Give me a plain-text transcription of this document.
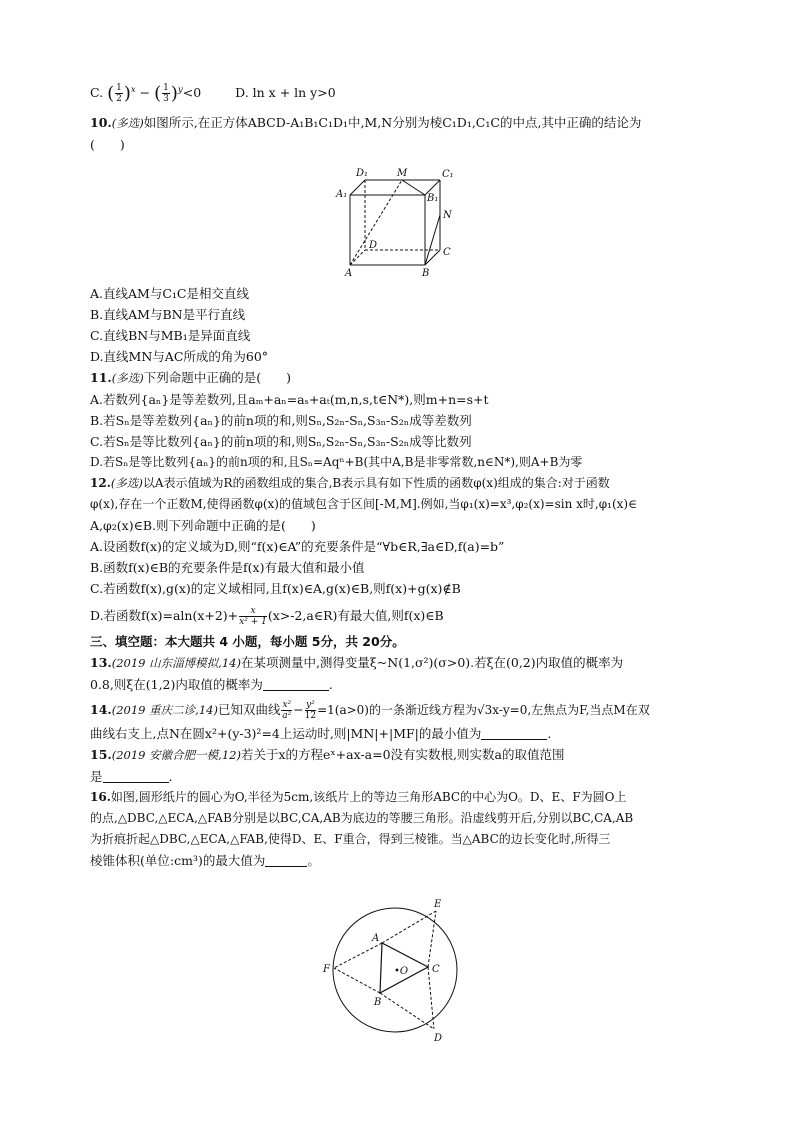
C. ( $\frac{1}{2} )^x$ − ( $\frac{1}{3} )^y<0$	D. ln x + ln y>0
10.(多选)如图所示,在正方体ABCD-A₁B₁C₁D₁中,M,N分别为棱C₁D₁,C₁C的中点,其中正确的结论为
(　　)
A.直线AM与C₁C是相交直线
B.直线AM与BN是平行直线
C.直线BN与MB₁是异面直线
D.直线MN与AC所成的角为60°
11.(多选)下列命题中正确的是(　　)
A.若数列{aₙ}是等差数列,且aₘ+aₙ=aₛ+aₜ(m,n,s,t∈N*),则m+n=s+t
B.若Sₙ是等差数列{aₙ}的前n项的和,则Sₙ,S₂ₙ-Sₙ,S₃ₙ-S₂ₙ成等差数列
C.若Sₙ是等比数列{aₙ}的前n项的和,则Sₙ,S₂ₙ-Sₙ,S₃ₙ-S₂ₙ成等比数列
D.若Sₙ是等比数列{aₙ}的前n项的和,且Sₙ=Aqⁿ+B(其中A,B是非零常数,n∈N*),则A+B为零
12.(多选)以A表示值域为R的函数组成的集合,B表示具有如下性质的函数φ(x)组成的集合:对于函数
φ(x),存在一个正数M,使得函数φ(x)的值域包含于区间[-M,M].例如,当φ₁(x)=x³,φ₂(x)=sin x时,φ₁(x)∈
A,φ₂(x)∈B.则下列命题中正确的是(　　)
A.设函数f(x)的定义域为D,则“f(x)∈A”的充要条件是“∀b∈R,∃a∈D,f(a)=b”
B.函数f(x)∈B的充要条件是f(x)有最大值和最小值
C.若函数f(x),g(x)的定义域相同,且f(x)∈A,g(x)∈B,则f(x)+g(x)∉B
D.若函数$f(x)=aln(x+2)+ \frac{x}{\text{x² + 1}}$ (x>-2,a∈R)有最大值,则f(x)∈B
三、填空题：本大题共 4 小题，每小题 5分，共 20分。
13.(2019 山东淄博模拟,14)在某项测量中,测得变量ξ~N(1,σ²)(σ>0).若ξ在(0,2)内取值的概率为
0.8,则ξ在(1,2)内取值的概率为	.
14.(2019 重庆二诊,14)已知双曲线 $\frac{\text{x²}}{\text{a²}} - \frac{\text{y²}}{12} =1(a>0)$的一条渐近线方程为√3x-y=0,左焦点为F,当点M在双
曲线右支上,点N在圆x²+(y-3)²=4上运动时,则|MN|+|MF|的最小值为	.
15.(2019 安徽合肥一模,12)若关于x的方程eˣ+ax-a=0没有实数根,则实数a的取值范围
是	.
16.如图,圆形纸片的圆心为O,半径为5cm,该纸片上的等边三角形ABC的中心为O。D、E、F为圆O上
的点,△DBC,△ECA,△FAB分别是以BC,CA,AB为底边的等腰三角形。沿虚线剪开后,分别以BC,CA,AB
为折痕折起△DBC,△ECA,△FAB,使得D、E、F重合，得到三棱锥。当△ABC的边长变化时,所得三
棱锥体积(单位:cm³)的最大值为	。
D₁	M	C₁
A₁	B₁
N
D
C
A	B
E
A
F	•O C
B
D
